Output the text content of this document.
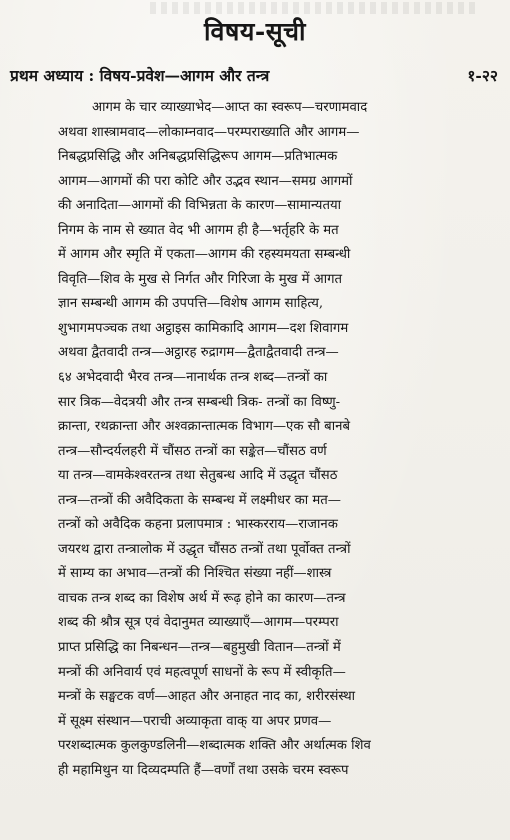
विषय-सूची
प्रथम अध्याय : विषय-प्रवेश—आगम और तन्त्र	१-२२
आगम के चार व्याख्याभेद—आप्त का स्वरूप—चरणामवाद
अथवा शास्त्रामवाद—लोकाम्नवाद—परम्पराख्याति और आगम—
निबद्धप्रसिद्धि और अनिबद्धप्रसिद्धिरूप आगम—प्रतिभात्मक
आगम—आगमों की परा कोटि और उद्भव स्थान—समग्र आगमों
की अनादिता—आगमों की विभिन्नता के कारण—सामान्यतया
निगम के नाम से ख्यात वेद भी आगम ही है—भर्तृहरि के मत
में आगम और स्मृति में एकता—आगम की रहस्यमयता सम्बन्धी
विवृति—शिव के मुख से निर्गत और गिरिजा के मुख में आगत
ज्ञान सम्बन्धी आगम की उपपत्ति—विशेष आगम साहित्य,
शुभागमपञ्चक तथा अट्ठाइस कामिकादि आगम—दश शिवागम
अथवा द्वैतवादी तन्त्र—अट्ठारह रुद्रागम—द्वैताद्वैतवादी तन्त्र—
६४ अभेदवादी भैरव तन्त्र—नानार्थक तन्त्र शब्द—तन्त्रों का
सार त्रिक—वेदत्रयी और तन्त्र सम्बन्धी त्रिक- तन्त्रों का विष्णु-
क्रान्ता, रथक्रान्ता और अश्वक्रान्तात्मक विभाग—एक सौ बानबे
तन्त्र—सौन्दर्यलहरी में चौंसठ तन्त्रों का सङ्केत—चौंसठ वर्ण
या तन्त्र—वामकेश्वरतन्त्र तथा सेतुबन्ध आदि में उद्धृत चौंसठ
तन्त्र—तन्त्रों की अवैदिकता के सम्बन्ध में लक्ष्मीधर का मत—
तन्त्रों को अवैदिक कहना प्रलापमात्र : भास्करराय—राजानक
जयरथ द्वारा तन्त्रालोक में उद्धृत चौंसठ तन्त्रों तथा पूर्वोक्त तन्त्रों
में साम्य का अभाव—तन्त्रों की निश्चित संख्या नहीं—शास्त्र
वाचक तन्त्र शब्द का विशेष अर्थ में रूढ़ होने का कारण—तन्त्र
शब्द की श्रौत्र सूत्र एवं वेदानुमत व्याख्याएँ—आगम—परम्परा
प्राप्त प्रसिद्धि का निबन्धन—तन्त्र—बहुमुखी वितान—तन्त्रों में
मन्त्रों की अनिवार्य एवं महत्वपूर्ण साधनों के रूप में स्वीकृति—
मन्त्रों के सङ्घटक वर्ण—आहत और अनाहत नाद का, शरीरसंस्था
में सूक्ष्म संस्थान—पराची अव्याकृता वाक् या अपर प्रणव—
परशब्दात्मक कुलकुण्डलिनी—शब्दात्मक शक्ति और अर्थात्मक शिव
ही महामिथुन या दिव्यदम्पति हैं—वर्णों तथा उसके चरम स्वरूप
